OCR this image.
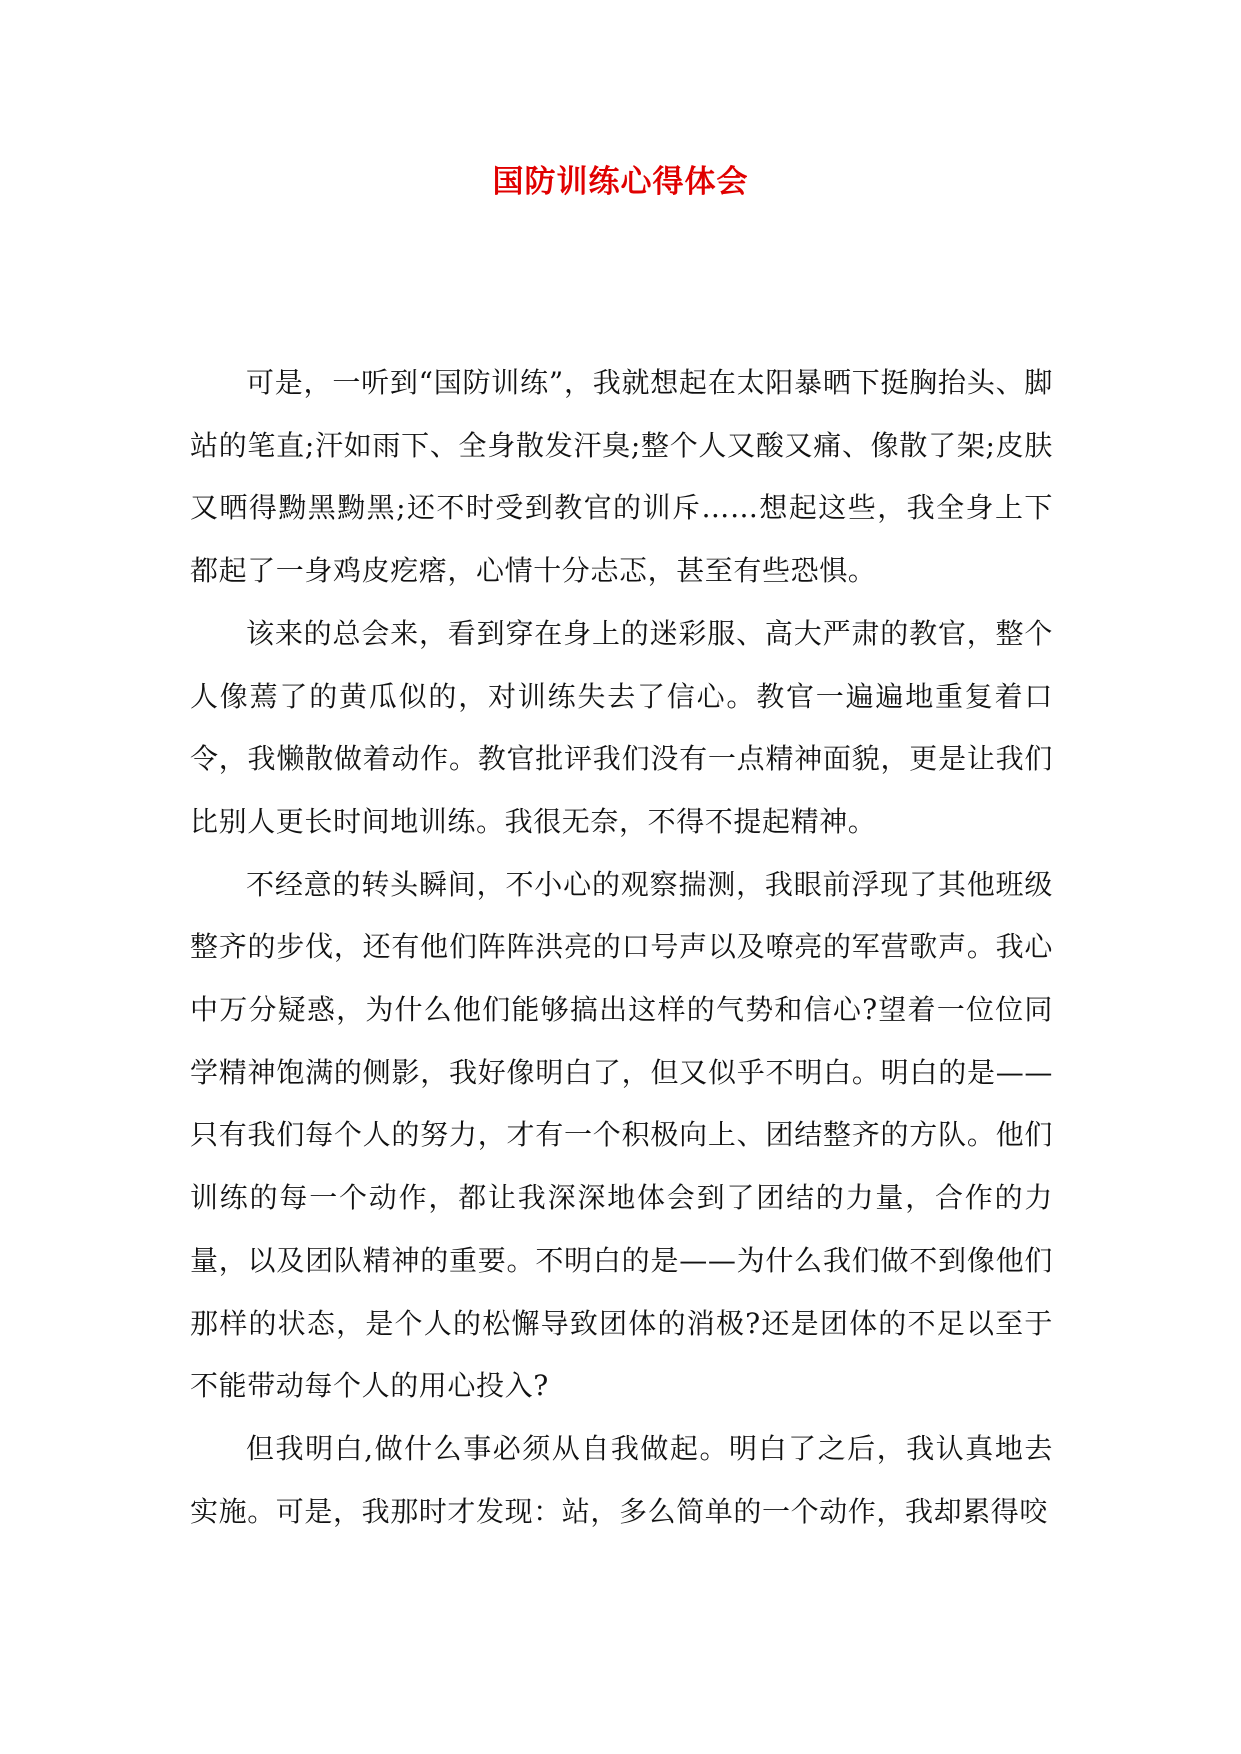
国防训练心得体会

可是，一听到“国防训练”，我就想起在太阳暴晒下挺胸抬头、脚站的笔直;汗如雨下、全身散发汗臭;整个人又酸又痛、像散了架;皮肤又晒得黝黑黝黑;还不时受到教官的训斥……想起这些，我全身上下都起了一身鸡皮疙瘩，心情十分忐忑，甚至有些恐惧。

该来的总会来，看到穿在身上的迷彩服、高大严肃的教官，整个人像蔫了的黄瓜似的，对训练失去了信心。教官一遍遍地重复着口令，我懒散做着动作。教官批评我们没有一点精神面貌，更是让我们比别人更长时间地训练。我很无奈，不得不提起精神。

不经意的转头瞬间，不小心的观察揣测，我眼前浮现了其他班级整齐的步伐，还有他们阵阵洪亮的口号声以及嘹亮的军营歌声。我心中万分疑惑，为什么他们能够搞出这样的气势和信心?望着一位位同学精神饱满的侧影，我好像明白了，但又似乎不明白。明白的是——只有我们每个人的努力，才有一个积极向上、团结整齐的方队。他们训练的每一个动作，都让我深深地体会到了团结的力量，合作的力量，以及团队精神的重要。不明白的是——为什么我们做不到像他们那样的状态，是个人的松懈导致团体的消极?还是团体的不足以至于不能带动每个人的用心投入?

但我明白,做什么事必须从自我做起。明白了之后，我认真地去实施。可是，我那时才发现：站，多么简单的一个动作，我却累得咬
